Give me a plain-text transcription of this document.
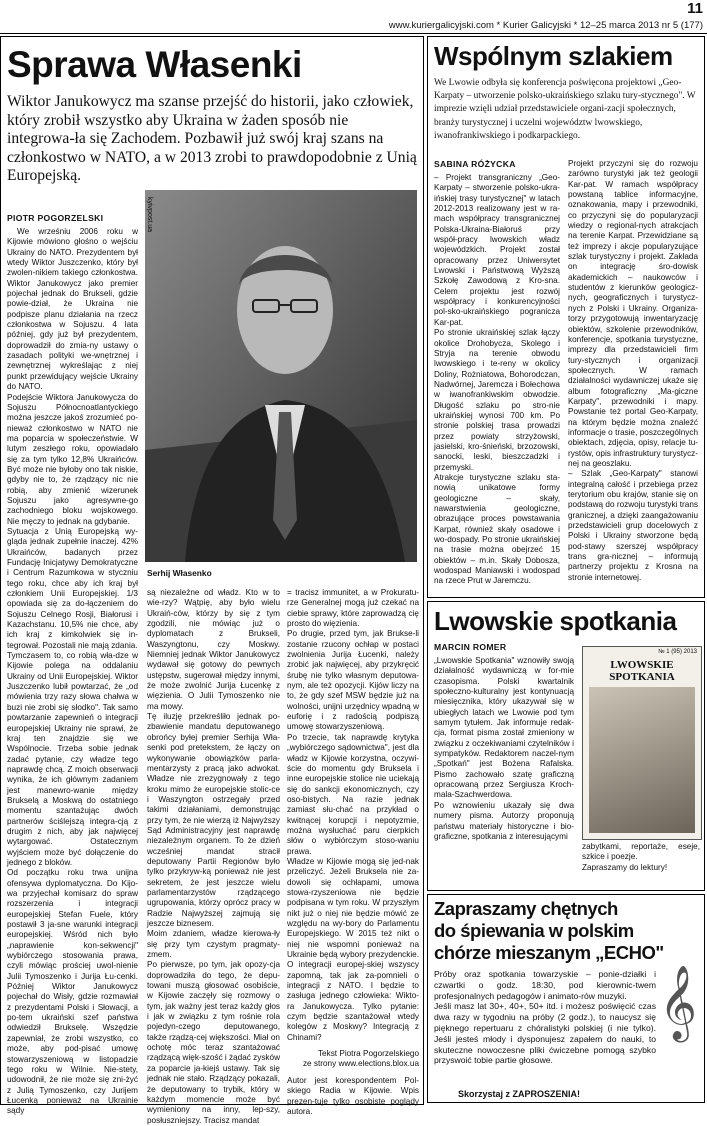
11
www.kuriergalicyjski.com * Kurier Galicyjski * 12–25 marca 2013 nr 5 (177)
Sprawa Własenki
Wiktor Janukowycz ma szanse przejść do historii, jako człowiek, który zrobił wszystko aby Ukraina w żaden sposób nie integrowa-ła się Zachodem. Pozbawił już swój kraj szans na członkostwo w NATO, a w 2013 zrobi to prawdopodobnie z Unią Europejską.
PIOTR POGORZELSKI
We wrześniu 2006 roku w Kijowie mówiono głośno o wejściu Ukrainy do NATO. Prezydentem był wtedy Wiktor Juszczenko, który był zwolen-nikiem takiego członkostwa. Wiktor Janukowycz jako premier pojechał jednak do Brukseli, gdzie powie-dział, że Ukraina nie podpisze planu działania na rzecz członkostwa w Sojuszu. 4 lata później, gdy już był prezydentem, doprowadził do zmia-ny ustawy o zasadach polityki we-wnętrznej i zewnętrznej wykreślając z niej punkt przewidujący wejście Ukrainy do NATO.
Podejście Wiktora Janukowycza do Sojuszu Północnoatlantyckiego można jeszcze jakoś zrozumieć po-nieważ członkostwo w NATO nie ma poparcia w społeczeństwie. W lutym zeszłego roku, opowiadało się za tym tylko 12,8% Ukraińców. Być może nie byłoby ono tak niskie, gdyby nie to, że rządzący nic nie robią, aby zmienić wizerunek Sojuszu jako agresywne-go zachodniego bloku wojskowego. Nie męczy to jednak na gdybanie.
Sytuacja z Unią Europejską wy-gląda jednak zupełnie inaczej. 42% Ukraińców, badanych przez Fundację Inicjatywy Demokratyczne i Centrum Razumkowa w styczniu tego roku, chce aby ich kraj był członkiem Unii Europejskiej. 1/3 opowiada się za do-łączeniem do Sojuszu Celnego Rosji, Białorusi i Kazachstanu. 10,5% nie chce, aby ich kraj z kimkolwiek się in-tegrował. Pozostali nie mają zdania.
Tymczasem to, co robią wła-dze w Kijowie polega na oddalaniu Ukrainy od Unii Europejskiej. Wiktor Juszczenko lubił powtarzać, że „od mówienia trzy razy słowa chałwa w buzi nie zrobi się słodko". Tak samo powtarzanie zapewnień o integracji europejskiej Ukrainy nie sprawi, że kraj ten znajdzie się we Wspólnocie. Trzeba sobie jednak zadać pytanie, czy władze tego naprawdę chcą. Z moich obserwacji wynika, że ich głównym zadaniem jest manewro-wanie między Brukselą a Moskwą do ostatniego momentu szantażując dwóch partnerów ściślejszą integra-cją z drugim z nich, aby jak najwięcej wytargować. Ostatecznym wyjściem może być dołączenie do jednego z bloków.
Od początku roku trwa unijna ofensywa dyplomatyczna. Do Kijo-wa przyjechał komisarz do spraw rozszerzenia i integracji europejskiej Stefan Fuele, który postawił 3 ja-sne warunki integracji europejskiej. Wśród nich było „naprawienie kon-sekwencji" wybiórczego stosowania prawa, czyli mówiąc prościej uwol-nienie Julii Tymoszenko i Jurija Łu-cenki. Później Wiktor Janukowycz pojechał do Wisły, gdzie rozmawiał z prezydentami Polski i Słowacji, a po-tem ukraiński szef państwa odwiedził Brukselę. Wszędzie zapewniał, że zrobi wszystko, co może, aby pod-pisać umowę stowarzyszeniową w listopadzie tego roku w Wilnie. Nie-stety, udowodnił, że nie może się zni-żyć z Julią Tymoszenko, czy Jurijem Łucenką ponieważ na Ukrainie sądy
kyivpost.ua
Serhij Własenko
są niezależne od władz. Kto w to wie-rzy? Wątpię, aby było wielu Ukraiń-ców, którzy by się z tym zgodzili, nie mówiąc już o dyplomatach z Brukseli, Waszyngtonu, czy Moskwy. Niemniej jednak Wiktor Janukowycz wydawał się gotowy do pewnych ustępstw, sugerował między innymi, że może zwolnić Jurija Łucenkę z więzienia. O Julii Tymoszenko nie ma mowy.
Tę iluzję przekreśliło jednak po-zbawienie mandatu deputowanego obrońcy byłej premier Serhija Wła-senki pod pretekstem, że łączy on wykonywanie obowiązków parla-mentarzysty z pracą jako adwokat. Władze nie zrezygnowały z tego kroku mimo że europejskie stolic-ce i Waszyngton ostrzegały przed takimi działaniami, demonstrując przy tym, że nie wierzą iż Najwyższy Sąd Administracyjny jest naprawdę niezależnym organem. To że dzień wcześniej mandat stracił deputowany Partii Regionów było tylko przykryw-ką ponieważ nie jest sekretem, że jest jeszcze wielu parlamentarzystów rządzącego ugrupowania, którzy oprócz pracy w Radzie Najwyższej zajmują się jeszcze biznesem.
Moim zdaniem, władze kierowa-ły się przy tym czystym pragmaty-zmem.
Po pierwsze, po tym, jak opozy-cja doprowadziła do tego, że depu-towani muszą głosować osobiście, w Kijowie zaczęły się rozmowy o tym, jak ważny jest teraz każdy głos i jak w związku z tym rośnie rola pojedyn-czego deputowanego, także rządzą-cej większości. Miał on ochotę móc teraz szantażować rządzącą więk-szość i żądać zysków za poparcie ja-kiejś ustawy. Tak się jednak nie stało. Rządzący pokazali, że deputowany to trybik, który w każdym momencie może być wymieniony na inny, lep-szy, posłuszniejszy. Tracisz mandat
= tracisz immunitet, a w Prokuratu-rze Generalnej mogą już czekać na ciebie sprawy, które zaprowadzą cię prosto do więzienia.
Po drugie, przed tym, jak Brukse-li zostanie rzucony ochłap w postaci zwolnienia Jurija Łucenki, należy zrobić jak najwięcej, aby przykręcić śrubę nie tylko własnym deputowa-nym, ale też opozycji. Kijów liczy na to, że gdy szef MSW będzie już na wolności, unijni urzędnicy wpadną w euforię i z radością podpiszą umowę stowarzyszeniową.
Po trzecie, tak naprawdę krytyka „wybiórczego sądownictwa", jest dla władz w Kijowie korzystna, oczywi-ście do momentu gdy Bruksela i inne europejskie stolice nie uciekają się do sankcji ekonomicznych, czy oso-bistych. Na razie jednak zamiast słu-chać na przykład o kwitnącej korupcji i nepotyzmie, można wysłuchać paru cierpkich słów o wybiórczym stoso-waniu prawa.
Władze w Kijowie mogą się jed-nak przeliczyć. Jeżeli Bruksela nie za-dowoli się ochłapami, umowa stowa-rzyszeniowa nie będzie podpisana w tym roku. W przyszłym nikt już o niej nie będzie mówić ze względu na wy-bory do Parlamentu Europejskiego. W 2015 też nikt o niej nie wspomni ponieważ na Ukrainie będą wybory prezydenckie. O integracji europej-skiej wszyscy zapomną, tak jak za-pomnieli o integracji z NATO. I będzie to zasługa jednego człowieka: Wikto-ra Janukowycza. Tylko pytanie: czym będzie szantażował wtedy kolegów z Moskwy? Integracją z Chinami?
Tekst Piotra Pogorzelskiego
ze strony www.elections.blox.ua
Autor jest korespondentem Pol-skiego Radia w Kijowie. Wpis prezen-tuje tylko osobiste poglądy autora.
Wspólnym szlakiem
We Lwowie odbyła się konferencja poświęcona projektowi „Geo-Karpaty – utworzenie polsko-ukraińskiego szlaku tury-stycznego". W imprezie wzięli udział przedstawiciele organi-zacji społecznych, branży turystycznej i uczelni województw lwowskiego, iwanofrankiwskiego i podkarpackiego.
SABINA RÓŻYCKA
– Projekt transgraniczny „Geo-Karpaty – stworzenie polsko-ukra-ińskiej trasy turystycznej" w latach 2012-2013 realizowany jest w ra-mach współpracy transgranicznej Polska-Ukraina-Białoruś przy współ-pracy lwowskich władz wojewódzkich. Projekt został opracowany przez Uniwersytet Lwowski i Państwową Wyższą Szkołę Zawodową z Kro-sna. Celem projektu jest rozwój współpracy i konkurencyjności pol-sko-ukraińskiego pogranicza Kar-pat.
Po stronie ukraińskiej szlak łączy okolice Drohobycza, Skolego i Stryja na terenie obwodu lwowskiego i te-reny w okolicy Doliny, Rożniatowa, Bohorodczan, Nadwórnej, Jaremcza i Bołechowa w iwanofrankiwskim obwodzie. Długość szlaku po stro-nie ukraińskiej wynosi 700 km. Po stronie polskiej trasa prowadzi przez powiaty strzyżowski, jasielski, kro-śnieński, brzozowski, sanocki, leski, bieszczadzki i przemyski.
Atrakcje turystyczne szlaku sta-nowią unikatowe formy geologiczne – skały, nawarstwienia geologiczne, obrazujące proces powstawania Karpat, również skały osadowe i wo-dospady. Po stronie ukraińskiej na trasie można obejrzeć 15 obiektów – m.in. Skały Dobosza, wodospad Maniawski i wodospad na rzece Prut w Jaremczu.
Projekt przyczyni się do rozwoju zarówno turystyki jak też geologii Kar-pat. W ramach współpracy powstaną tablice informacyjne, oznakowania, mapy i przewodniki, co przyczyni się do popularyzacji wiedzy o regional-nych atrakcjach na terenie Karpat. Przewidziane są też imprezy i akcje popularyzujące szlak turystyczny i projekt. Zakłada on integrację śro-dowisk akademickich – naukowców i studentów z kierunków geologicz-nych, geograficznych i turystycz-nych z Polski i Ukrainy. Organiza-torzy przygotowują inwentaryzację obiektów, szkolenie przewodników, konferencje, spotkania turystyczne, imprezy dla przedstawicieli firm tury-stycznych i organizacji społecznych. W ramach działalności wydawniczej ukaże się album fotograficzny „Ma-giczne Karpaty", przewodniki i mapy. Powstanie też portal Geo-Karpaty, na którym będzie można znaleźć informacje o trasie, poszczególnych obiektach, zdjęcia, opisy, relacje tu-rystów, opis infrastruktury turystycz-nej na geoszlaku.
– Szlak „Geo-Karpaty" stanowi integralną całość i przebiega przez terytorium obu krajów, stanie się on podstawą do rozwoju turystyki trans granicznej, a dzięki zaangażowaniu przedstawicieli grup docelowych z Polski i Ukrainy stworzone będą pod-stawy szerszej współpracy trans gra-nicznej – informują partnerzy projektu z Krosna na stronie internetowej.
Lwowskie spotkania
MARCIN ROMER
„Lwowskie Spotkania" wznowiły swoją działalność wydawniczą w for-mie czasopisma. Polski kwartalnik społeczno-kulturalny jest kontynuacją miesięcznika, który ukazywał się w ubiegłych latach we Lwowie pod tym samym tytułem. Jak informuje redak-cja, format pisma został zmieniony w związku z oczekiwaniami czytelników i sympatyków. Redaktorem naczel-nym „Spotkań" jest Bożena Rafalska. Pismo zachowało szatę graficzną opracowaną przez Sergiusza Kroch-mala-Szachwerdowa.
Po wznowieniu ukazały się dwa numery pisma. Autorzy proponują państwu materiały historyczne i bio-graficzne, spotkania z interesującymi
№ 1 (95) 2013
LWOWSKIE SPOTKANIA
zabytkami, reportaże, eseje, szkice i poezje.
Zapraszamy do lektury!
Zapraszamy chętnych
do śpiewania w polskim
chórze mieszanym „ECHO"
𝄞
Próby oraz spotkania towarzyskie – ponie-działki i czwartki o godz. 18:30, pod kierownic-twem profesjonalnych pedagogów i animato-rów muzyki.
Jeśli masz lat 30+, 40+, 50+ itd. i możesz poświęcić czas dwa razy w tygodniu na próby (2 godz.), to naucysz się pięknego repertuaru z chóralistyki polskiej (i nie tylko). Jeśli jesteś młody i dysponujesz zapałem do nauki, to skuteczne nowoczesne pliki ćwiczebne pomogą szybko przyswoić tobie partie głosowe.
Skorzystaj z ZAPROSZENIA!
